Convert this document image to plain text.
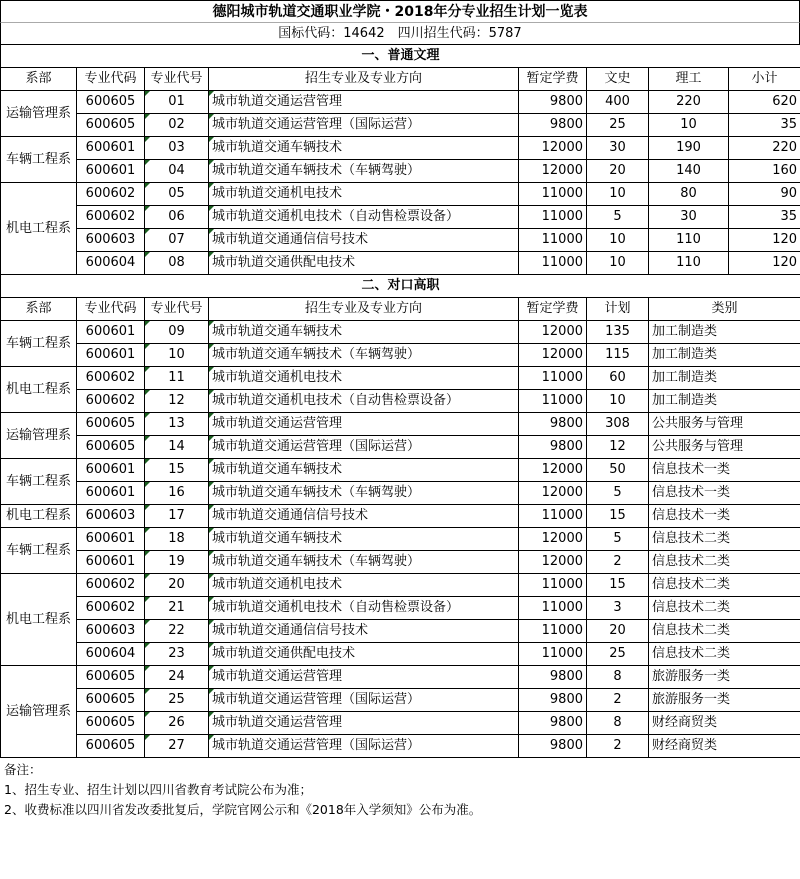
德阳城市轨道交通职业学院・2018年分专业招生计划一览表
国标代码：14642　四川招生代码：5787
一、普通文理							
系部	专业代码	专业代号	招生专业及专业方向	暂定学费	文史	理工	小计
运输管理系	600605	01	城市轨道交通运营管理	9800	400	220	620
	600605	02	城市轨道交通运营管理（国际运营）	9800	25	10	35
车辆工程系	600601	03	城市轨道交通车辆技术	12000	30	190	220
	600601	04	城市轨道交通车辆技术（车辆驾驶）	12000	20	140	160
机电工程系	600602	05	城市轨道交通机电技术	11000	10	80	90
	600602	06	城市轨道交通机电技术（自动售检票设备）	11000	5	30	35
	600603	07	城市轨道交通通信信号技术	11000	10	110	120
	600604	08	城市轨道交通供配电技术	11000	10	110	120
二、对口高职							
系部	专业代码	专业代号	招生专业及专业方向	暂定学费	计划	类别	
车辆工程系	600601	09	城市轨道交通车辆技术	12000	135	加工制造类	
	600601	10	城市轨道交通车辆技术（车辆驾驶）	12000	115	加工制造类	
机电工程系	600602	11	城市轨道交通机电技术	11000	60	加工制造类	
	600602	12	城市轨道交通机电技术（自动售检票设备）	11000	10	加工制造类	
运输管理系	600605	13	城市轨道交通运营管理	9800	308	公共服务与管理	
	600605	14	城市轨道交通运营管理（国际运营）	9800	12	公共服务与管理	
车辆工程系	600601	15	城市轨道交通车辆技术	12000	50	信息技术一类	
	600601	16	城市轨道交通车辆技术（车辆驾驶）	12000	5	信息技术一类	
机电工程系	600603	17	城市轨道交通通信信号技术	11000	15	信息技术一类	
车辆工程系	600601	18	城市轨道交通车辆技术	12000	5	信息技术二类	
	600601	19	城市轨道交通车辆技术（车辆驾驶）	12000	2	信息技术二类	
机电工程系	600602	20	城市轨道交通机电技术	11000	15	信息技术二类	
	600602	21	城市轨道交通机电技术（自动售检票设备）	11000	3	信息技术二类	
	600603	22	城市轨道交通通信信号技术	11000	20	信息技术二类	
	600604	23	城市轨道交通供配电技术	11000	25	信息技术二类	
运输管理系	600605	24	城市轨道交通运营管理	9800	8	旅游服务一类	
	600605	25	城市轨道交通运营管理（国际运营）	9800	2	旅游服务一类	
	600605	26	城市轨道交通运营管理	9800	8	财经商贸类	
	600605	27	城市轨道交通运营管理（国际运营）	9800	2	财经商贸类	
备注：
1、招生专业、招生计划以四川省教育考试院公布为准；
2、收费标准以四川省发改委批复后，学院官网公示和《2018年入学须知》公布为准。
